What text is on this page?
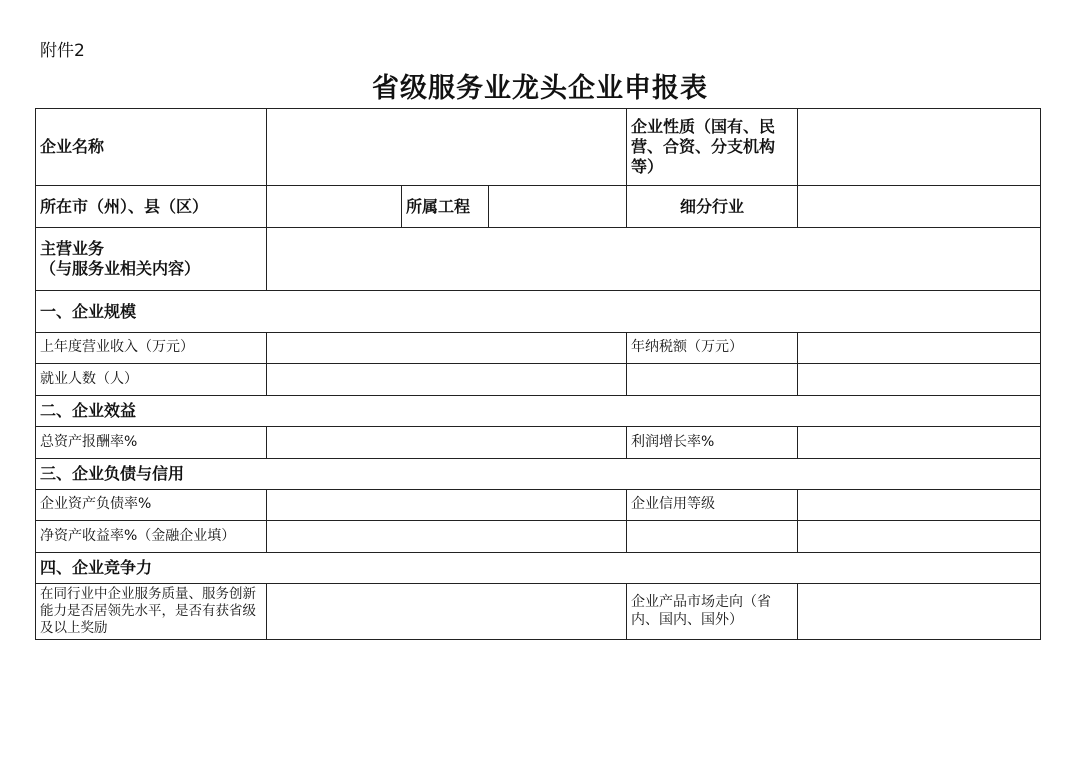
附件2
省级服务业龙头企业申报表
企业名称				企业性质（国有、民营、合资、分支机构等）	
所在市（州）、县（区）		所属工程		细分行业	

主营业务
（与服务业相关内容）					

一、企业规模					
上年度营业收入（万元）				年纳税额（万元）	
就业人数（人）					
二、企业效益					
总资产报酬率%				利润增长率%	
三、企业负债与信用					
企业资产负债率%				企业信用等级	
净资产收益率%（金融企业填）					
四、企业竞争力					
在同行业中企业服务质量、服务创新能力是否居领先水平，是否有获省级及以上奖励				企业产品市场走向（省内、国内、国外）	
